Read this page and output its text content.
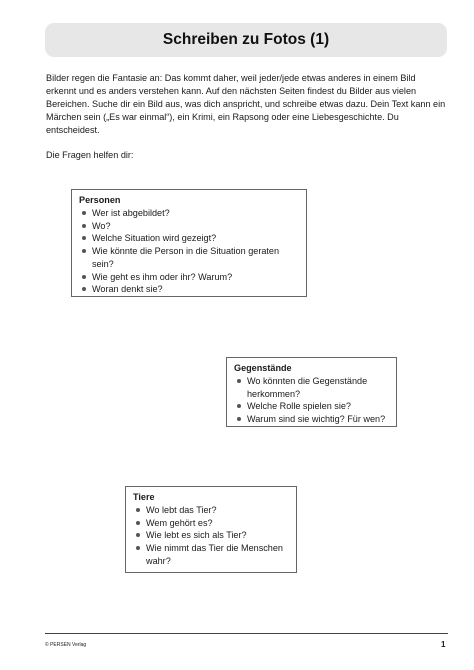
Schreiben zu Fotos (1)

Bilder regen die Fantasie an: Das kommt daher, weil jeder/jede etwas anderes in einem Bild erkennt und es anders verstehen kann. Auf den nächsten Seiten findest du Bilder aus vielen Bereichen. Suche dir ein Bild aus, was dich anspricht, und schreibe etwas dazu. Dein Text kann ein Märchen sein („Es war einmal“), ein Krimi, ein Rapsong oder eine Liebesgeschichte. Du entscheidest.

Die Fragen helfen dir:

Personen
Wer ist abgebildet?
Wo?
Welche Situation wird gezeigt?
Wie könnte die Person in die Situation geraten sein?
Wie geht es ihm oder ihr? Warum?
Woran denkt sie?
Gegenstände
Wo könnten die Gegenstände herkommen?
Welche Rolle spielen sie?
Warum sind sie wichtig? Für wen?
Tiere
Wo lebt das Tier?
Wem gehört es?
Wie lebt es sich als Tier?
Wie nimmt das Tier die Menschen wahr?

© PERSEN Verlag	1
